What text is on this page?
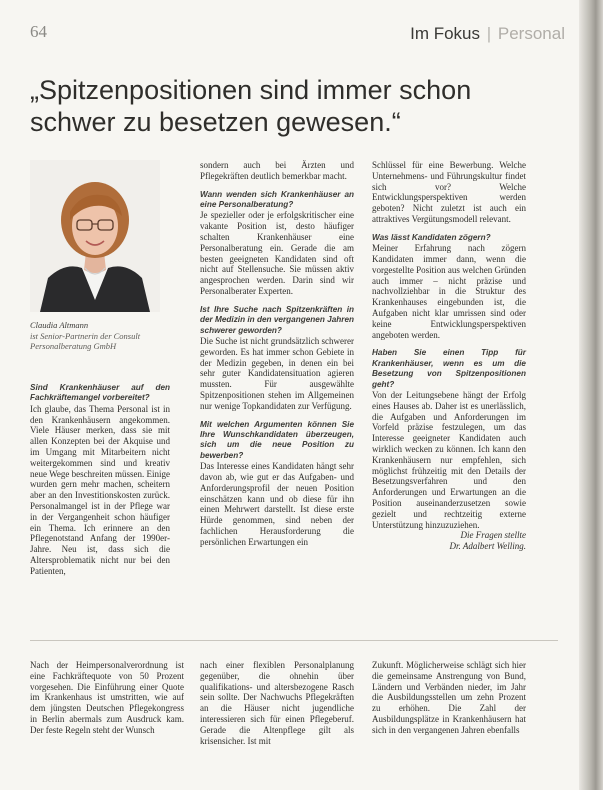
64	Im Fokus | Personal
„Spitzenpositionen sind immer schon schwer zu besetzen gewesen.“
Claudia Altmann
ist Senior-Partnerin der Consult Personalberatung GmbH

Sind Krankenhäuser auf den Fachkräftemangel vorbereitet?

Ich glaube, das Thema Personal ist in den Krankenhäusern angekommen. Viele Häuser merken, dass sie mit allen Konzepten bei der Akquise und im Umgang mit Mitarbeitern nicht weitergekommen sind und kreativ neue Wege beschreiten müssen. Einige wurden gern mehr machen, scheitern aber an den Investitionskosten zurück. Personalmangel ist in der Pflege war in der Vergangenheit schon häufiger ein Thema. Ich erinnere an den Pflegenotstand Anfang der 1990er-Jahre. Neu ist, dass sich die Altersproblematik nicht nur bei den Patienten,

sondern auch bei Ärzten und Pflegekräften deutlich bemerkbar macht.

Wann wenden sich Krankenhäuser an eine Personalberatung?

Je spezieller oder je erfolgskritischer eine vakante Position ist, desto häufiger schalten Krankenhäuser eine Personalberatung ein. Gerade die am besten geeigneten Kandidaten sind oft nicht auf Stellensuche. Sie müssen aktiv angesprochen werden. Darin sind wir Personalberater Experten.

Ist Ihre Suche nach Spitzenkräften in der Medizin in den vergangenen Jahren schwerer geworden?

Die Suche ist nicht grundsätzlich schwerer geworden. Es hat immer schon Gebiete in der Medizin gegeben, in denen ein bei sehr guter Kandidatensituation agieren mussten. Für ausgewählte Spitzenpositionen stehen im Allgemeinen nur wenige Topkandidaten zur Verfügung.

Mit welchen Argumenten können Sie Ihre Wunschkandidaten überzeugen, sich um die neue Position zu bewerben?

Das Interesse eines Kandidaten hängt sehr davon ab, wie gut er das Aufgaben- und Anforderungsprofil der neuen Position einschätzen kann und ob diese für ihn einen Mehrwert darstellt. Ist diese erste Hürde genommen, sind neben der fachlichen Herausforderung die persönlichen Erwartungen ein

Schlüssel für eine Bewerbung. Welche Unternehmens- und Führungskultur findet sich vor? Welche Entwicklungsperspektiven werden geboten? Nicht zuletzt ist auch ein attraktives Vergütungsmodell relevant.

Was lässt Kandidaten zögern?

Meiner Erfahrung nach zögern Kandidaten immer dann, wenn die vorgestellte Position aus welchen Gründen auch immer – nicht präzise und nachvollziehbar in die Struktur des Krankenhauses eingebunden ist, die Aufgaben nicht klar umrissen sind oder keine Entwicklungsperspektiven angeboten werden.

Haben Sie einen Tipp für Krankenhäuser, wenn es um die Besetzung von Spitzenpositionen geht?

Von der Leitungsebene hängt der Erfolg eines Hauses ab. Daher ist es unerlässlich, die Aufgaben und Anforderungen im Vorfeld präzise festzulegen, um das Interesse geeigneter Kandidaten auch wirklich wecken zu können. Ich kann den Krankenhäusern nur empfehlen, sich möglichst frühzeitig mit den Details der Besetzungsverfahren und den Anforderungen und Erwartungen an die Position auseinanderzusetzen sowie gezielt und rechtzeitig externe Unterstützung hinzuzuziehen.

Die Fragen stellte

Dr. Adalbert Welling.

Nach der Heimpersonalverordnung ist eine Fachkräftequote von 50 Prozent vorgesehen. Die Einführung einer Quote im Krankenhaus ist umstritten, wie auf dem jüngsten Deutschen Pflegekongress in Berlin abermals zum Ausdruck kam. Der feste Regeln steht der Wunsch

nach einer flexiblen Personalplanung gegenüber, die ohnehin über qualifikations- und altersbezogene Rasch sein sollte. Der Nachwuchs Pflegekräften an die Häuser nicht jugendliche interessieren sich für einen Pflegeberuf. Gerade die Altenpflege gilt als krisensicher. Ist mit

Zukunft. Möglicherweise schlägt sich hier die gemeinsame Anstrengung von Bund, Ländern und Verbänden nieder, im Jahr die Ausbildungsstellen um zehn Prozent zu erhöhen. Die Zahl der Ausbildungsplätze in Krankenhäusern hat sich in den vergangenen Jahren ebenfalls
